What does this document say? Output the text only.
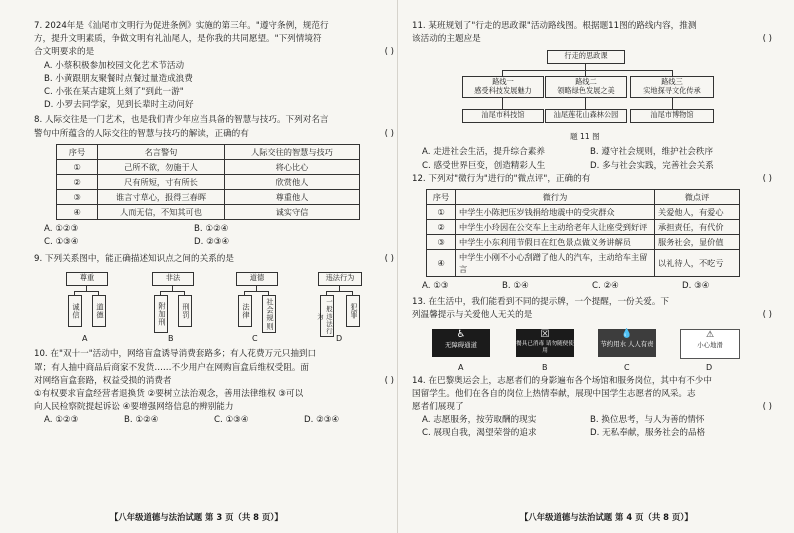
7. 2024年是《汕尾市文明行为促进条例》实施的第三年。"遵守条例，规范行

方，提升文明素质，争做文明有礼汕尾人，是你我的共同愿望。"下列情境符

合文明要求的是	( )

A. 小蔡积极参加校园文化艺术节活动

B. 小黄跟朋友聚餐时点餐过量造成浪费

C. 小张在某古建筑上刻了"到此一游"

D. 小罗去同学家，见到长辈时主动问好

8. 人际交往是一门艺术，也是我们青少年应当具备的智慧与技巧。下列对名言

警句中所蕴含的人际交往的智慧与技巧的解读，正确的有	( )

序号	名言警句	人际交往的智慧与技巧
①	己所不欲，勿施于人	将心比心
②	尺有所短，寸有所长	欣赏他人
③	谁言寸草心，报得三春晖	尊重他人
④	人而无信，不知其可也	诚实守信
A. ①②③	B. ①②④
C. ①③④	D. ②③④

9. 下列关系图中，能正确描述知识点之间的关系的是	( )

尊重
诚信	道德
A
非法
附加刑	刑罚
B
道德
法律	社会规则
C
违法行为
一般违法行为	犯罪
D

10. 在"双十一"活动中，网络盲盒诱导消费套路多；有人花费万元只抽到口

罩；有人抽中商品后商家不发货……不少用户在网购盲盒后维权受阻。面

对网络盲盒套路，权益受损的消费者	( )

①有权要求盲盒经营者退换货 ②要树立法治观念，善用法律维权 ③可以

向人民检察院提起诉讼 ④要增强网络信息的辨别能力

A. ①②③	B. ①②④	C. ①③④	D. ②③④
【八年级道德与法治试题 第 3 页（共 8 页）】

11. 某班规划了"行走的思政课"活动路线图。根据题11图的路线内容，推测

该活动的主题应是	( )

行走的思政课
路线一
感受科技发展魅力
路线二
领略绿色发展之美
路线三
实地探寻文化传承
汕尾市科技馆	汕尾莲花山森林公园	汕尾市博物馆
题 11 图
A. 走进社会生活，提升综合素养	B. 遵守社会规则，维护社会秩序
C. 感受世界巨变，创造精彩人生	D. 多与社会实践，完善社会关系

12. 下列对"微行为"进行的"微点评"，正确的有	( )

序号	微行为	微点评
①	中学生小陈把压岁钱捐给地震中的受灾群众	关爱他人，有爱心
②	中学生小玲因在公交车上主动给老年人让座受到好评	承担责任，有代价
③	中学生小东利用节假日在红色景点做义务讲解员	服务社会，显价值
④	中学生小刚不小心刮蹭了他人的汽车，主动给车主留言	以礼待人，不吃亏
A. ①③	B. ①④	C. ②④	D. ③④

13. 在生活中，我们能看到不同的提示牌，一个提醒，一份关爱。下

列温馨提示与关爱他人无关的是	( )

♿
无障碍通道
☒
餐具已消毒 请勿随便使用
💧
节约用水 人人有责
⚠
小心地滑
A	B	C	D

14. 在巴黎奥运会上，志愿者们的身影遍布各个场馆和服务岗位，其中有不少中

国留学生。他们在各自的岗位上热情奉献，展现中国学生志愿者的风采。志

愿者们展现了	( )

A. 志愿服务，按劳取酬的现实	B. 换位思考，与人为善的情怀
C. 展现自我，渴望荣誉的追求	D. 无私奉献，服务社会的品格
【八年级道德与法治试题 第 4 页（共 8 页）】
